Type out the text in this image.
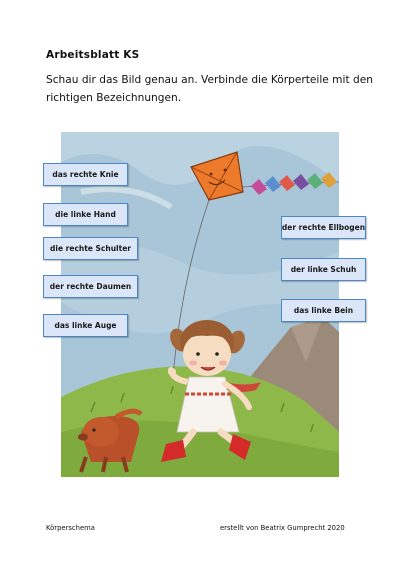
Arbeitsblatt KS
Schau dir das Bild genau an. Verbinde die Körperteile mit den richtigen Bezeichnungen.
das rechte Knie
die linke Hand
die rechte Schulter
der rechte Daumen
das linke Auge
der rechte Ellbogen
der linke Schuh
das linke Bein
Körperschema	erstellt von Beatrix Gumprecht 2020
